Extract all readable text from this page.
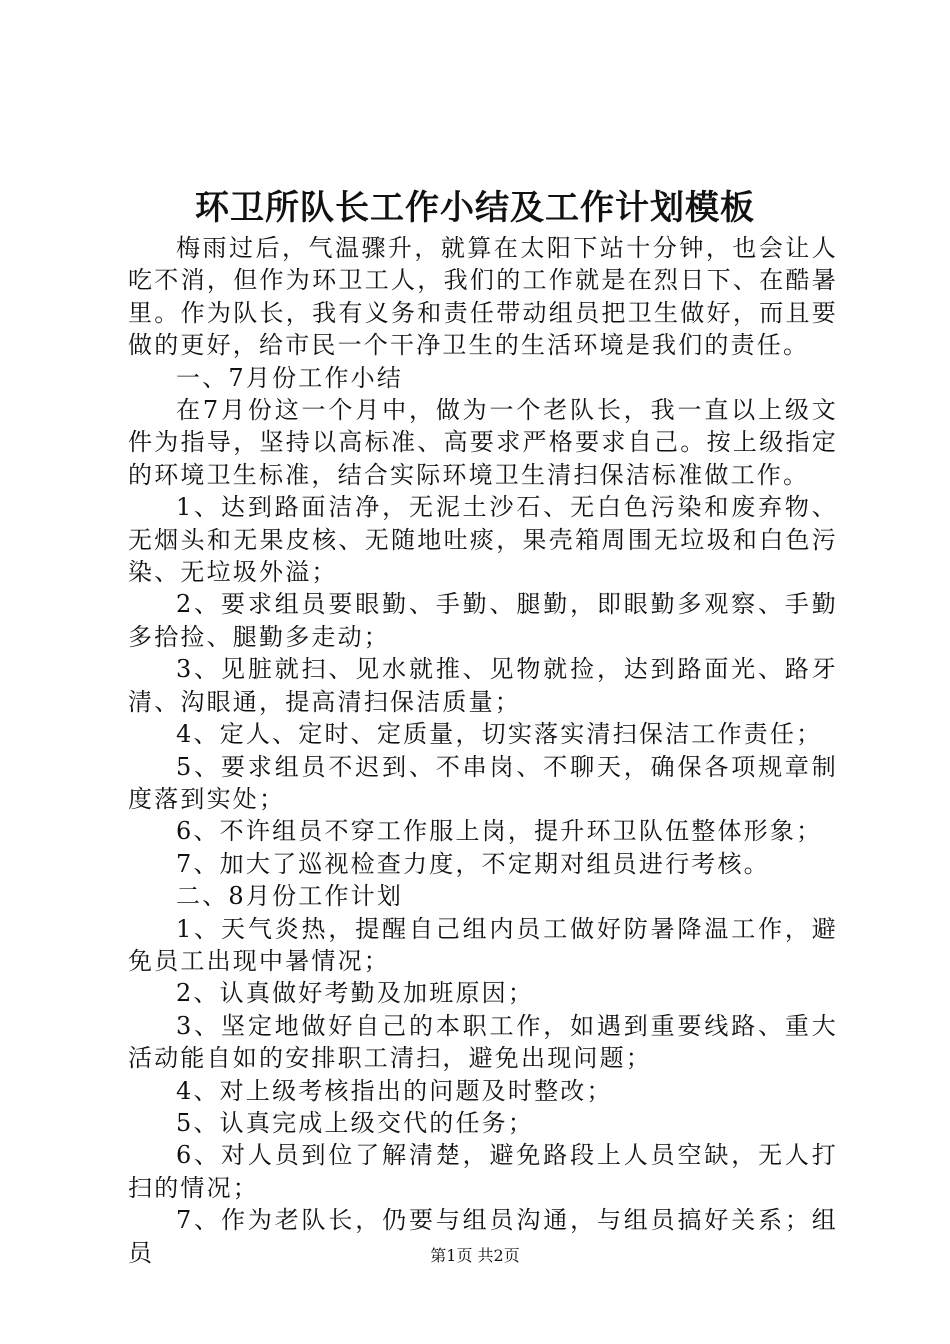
环卫所队长工作小结及工作计划模板

梅雨过后，气温骤升，就算在太阳下站十分钟，也会让人吃不消，但作为环卫工人，我们的工作就是在烈日下、在酷暑里。作为队长，我有义务和责任带动组员把卫生做好，而且要做的更好，给市民一个干净卫生的生活环境是我们的责任。

一、7月份工作小结

在7月份这一个月中，做为一个老队长，我一直以上级文件为指导，坚持以高标准、高要求严格要求自己。按上级指定的环境卫生标准，结合实际环境卫生清扫保洁标准做工作。

1、达到路面洁净，无泥土沙石、无白色污染和废弃物、无烟头和无果皮核、无随地吐痰，果壳箱周围无垃圾和白色污染、无垃圾外溢；

2、要求组员要眼勤、手勤、腿勤，即眼勤多观察、手勤多拾捡、腿勤多走动；

3、见脏就扫、见水就推、见物就捡，达到路面光、路牙清、沟眼通，提高清扫保洁质量；

4、定人、定时、定质量，切实落实清扫保洁工作责任；

5、要求组员不迟到、不串岗、不聊天，确保各项规章制度落到实处；

6、不许组员不穿工作服上岗，提升环卫队伍整体形象；

7、加大了巡视检查力度，不定期对组员进行考核。

二、8月份工作计划

1、天气炎热，提醒自己组内员工做好防暑降温工作，避免员工出现中暑情况；

2、认真做好考勤及加班原因；

3、坚定地做好自己的本职工作，如遇到重要线路、重大活动能自如的安排职工清扫，避免出现问题；

4、对上级考核指出的问题及时整改；

5、认真完成上级交代的任务；

6、对人员到位了解清楚，避免路段上人员空缺，无人打扫的情况；

7、作为老队长，仍要与组员沟通，与组员搞好关系；组员	第1页 共2页
